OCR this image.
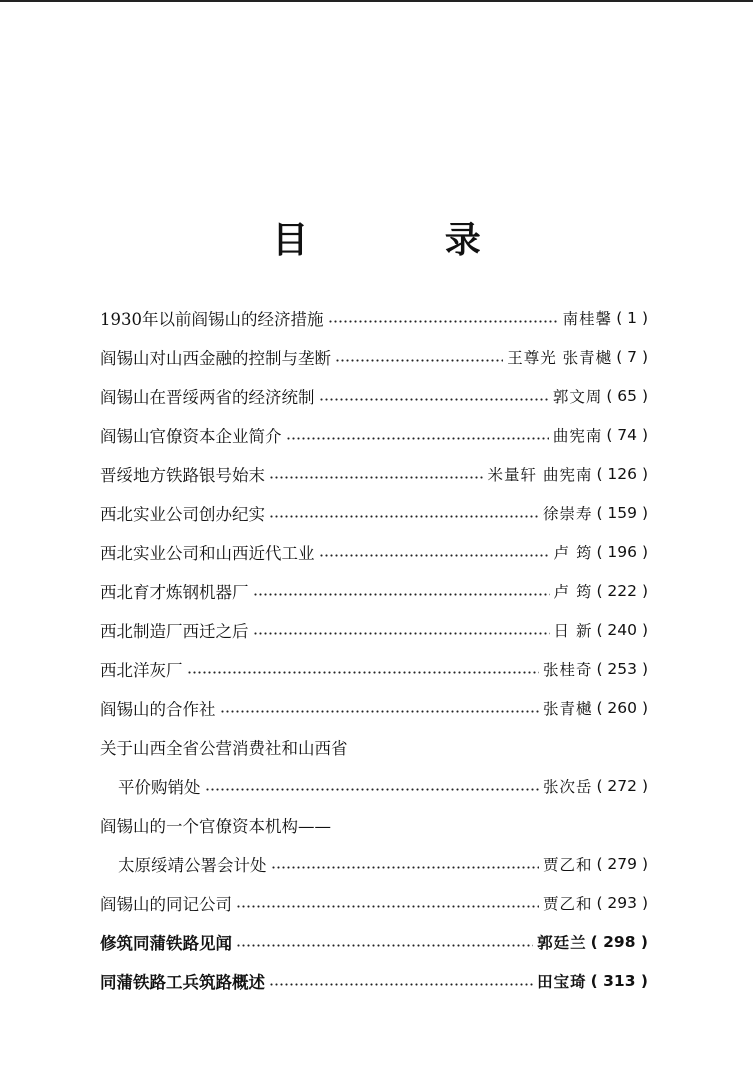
目 录
1930年以前阎锡山的经济措施	南桂馨 ( 1 )
阎锡山对山西金融的控制与垄断	王尊光 张青樾 ( 7 )
阎锡山在晋绥两省的经济统制	郭文周 ( 65 )
阎锡山官僚资本企业简介	曲宪南 ( 74 )
晋绥地方铁路银号始末	米量轩 曲宪南 ( 126 )
西北实业公司创办纪实	徐崇寿 ( 159 )
西北实业公司和山西近代工业	卢 筠 ( 196 )
西北育才炼钢机器厂	卢 筠 ( 222 )
西北制造厂西迁之后	日 新 ( 240 )
西北洋灰厂	张桂奇 ( 253 )
阎锡山的合作社	张青樾 ( 260 )
关于山西全省公营消费社和山西省
平价购销处	张次岳 ( 272 )
阎锡山的一个官僚资本机构——
太原绥靖公署会计处	贾乙和 ( 279 )
阎锡山的同记公司	贾乙和 ( 293 )
修筑同蒲铁路见闻	郭廷兰 ( 298 )
同蒲铁路工兵筑路概述	田宝琦 ( 313 )
